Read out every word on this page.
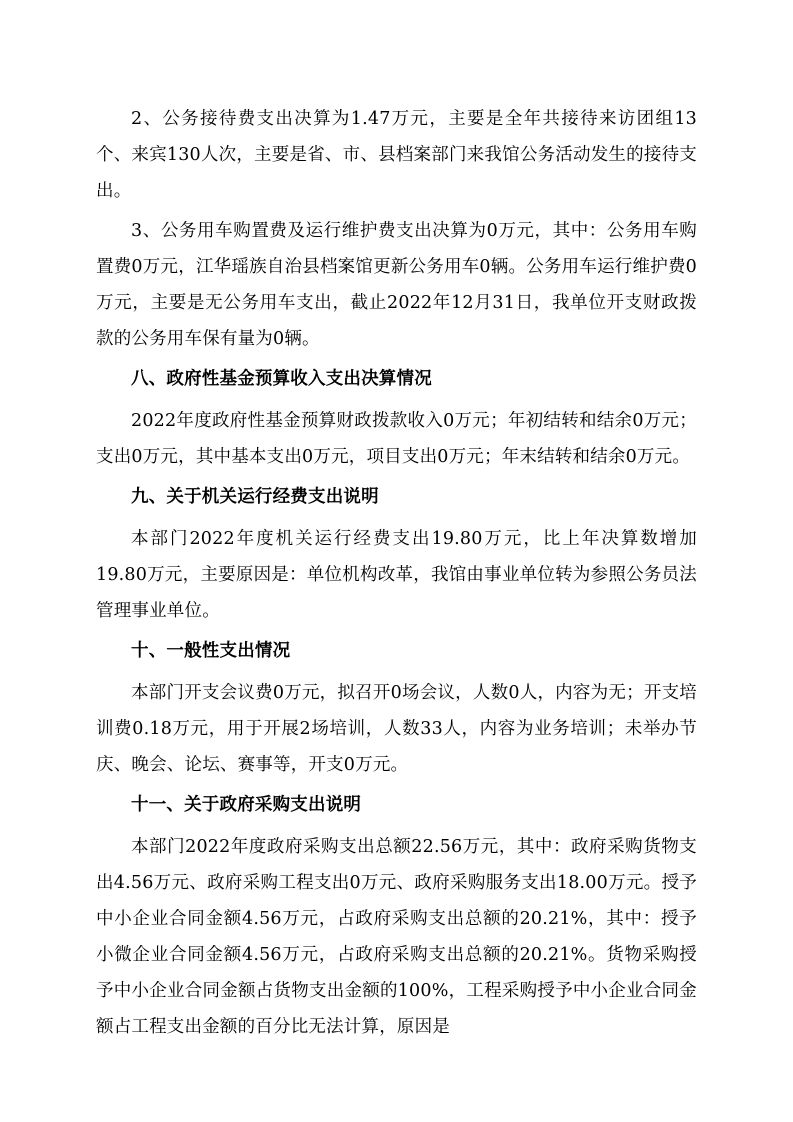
2、公务接待费支出决算为1.47万元，主要是全年共接待来访团组13个、来宾130人次，主要是省、市、县档案部门来我馆公务活动发生的接待支出。

3、公务用车购置费及运行维护费支出决算为0万元，其中：公务用车购置费0万元，江华瑶族自治县档案馆更新公务用车0辆。公务用车运行维护费0万元，主要是无公务用车支出，截止2022年12月31日，我单位开支财政拨款的公务用车保有量为0辆。

八、政府性基金预算收入支出决算情况

2022年度政府性基金预算财政拨款收入0万元；年初结转和结余0万元；支出0万元，其中基本支出0万元，项目支出0万元；年末结转和结余0万元。

九、关于机关运行经费支出说明

本部门2022年度机关运行经费支出19.80万元，比上年决算数增加19.80万元，主要原因是：单位机构改革，我馆由事业单位转为参照公务员法管理事业单位。

十、一般性支出情况

本部门开支会议费0万元，拟召开0场会议，人数0人，内容为无；开支培训费0.18万元，用于开展2场培训，人数33人，内容为业务培训；未举办节庆、晚会、论坛、赛事等，开支0万元。

十一、关于政府采购支出说明

本部门2022年度政府采购支出总额22.56万元，其中：政府采购货物支出4.56万元、政府采购工程支出0万元、政府采购服务支出18.00万元。授予中小企业合同金额4.56万元，占政府采购支出总额的20.21%，其中：授予小微企业合同金额4.56万元，占政府采购支出总额的20.21%。货物采购授予中小企业合同金额占货物支出金额的100%，工程采购授予中小企业合同金额占工程支出金额的百分比无法计算，原因是
